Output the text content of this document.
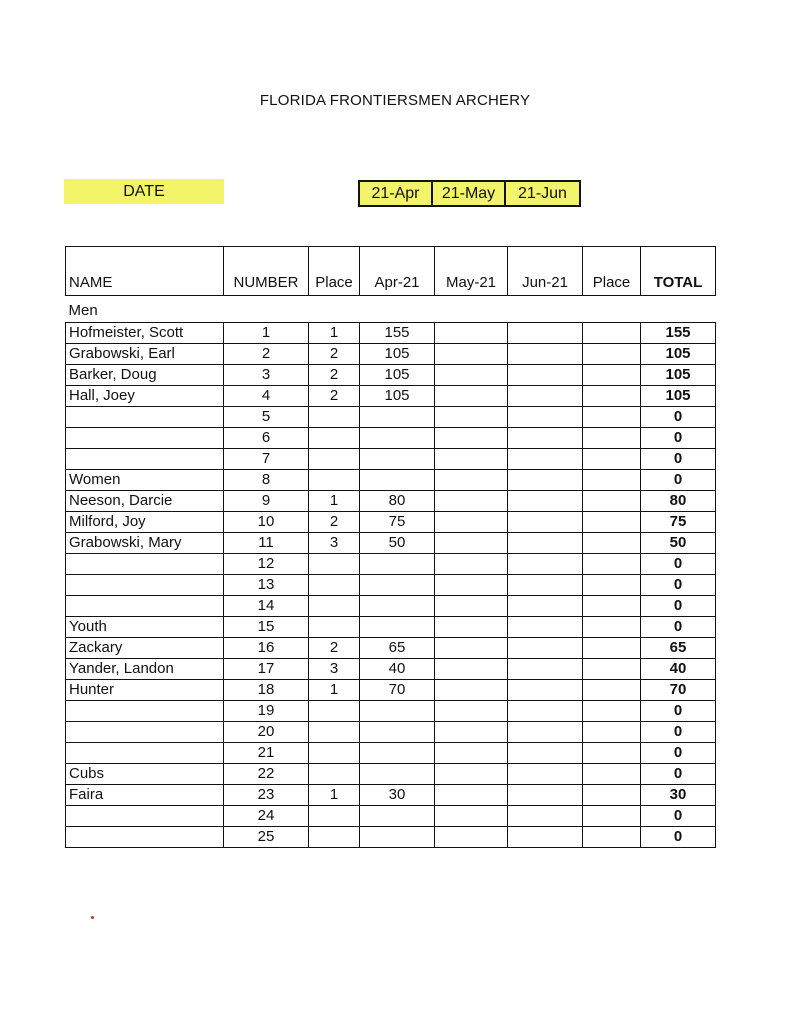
FLORIDA FRONTIERSMEN ARCHERY
DATE	21-Apr	21-May	21-Jun
NAME	NUMBER	Place	Apr-21	May-21	Jun-21	Place	TOTAL
Men							
Hofmeister, Scott	1	1	155				155
Grabowski, Earl	2	2	105				105
Barker, Doug	3	2	105				105
Hall, Joey	4	2	105				105
	5						0
	6						0
	7						0
Women	8						0
Neeson, Darcie	9	1	80				80
Milford, Joy	10	2	75				75
Grabowski, Mary	11	3	50				50
	12						0
	13						0
	14						0
Youth	15						0
Zackary	16	2	65				65
Yander, Landon	17	3	40				40
Hunter	18	1	70				70
	19						0
	20						0
	21						0
Cubs	22						0
Faira	23	1	30				30
	24						0
	25						0
